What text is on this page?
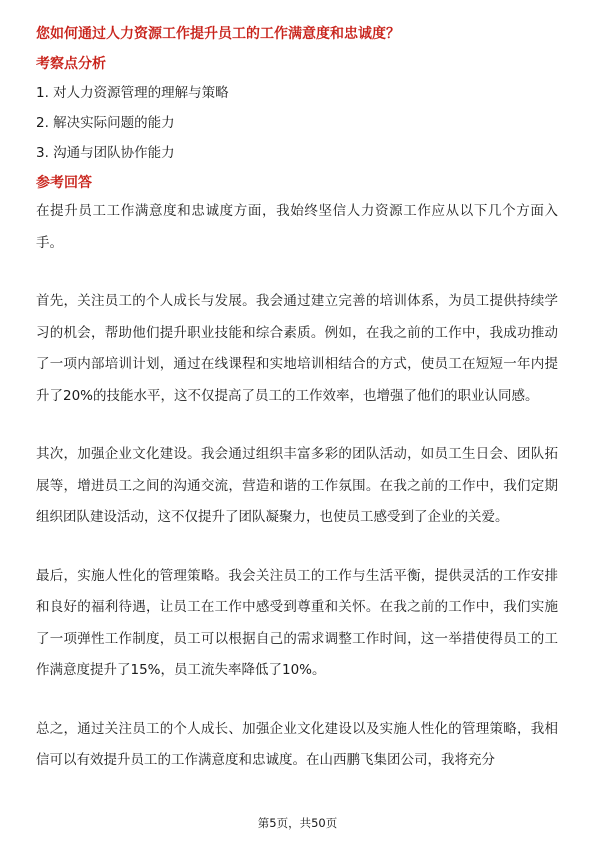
您如何通过人力资源工作提升员工的工作满意度和忠诚度？
考察点分析
1. 对人力资源管理的理解与策略
2. 解决实际问题的能力
3. 沟通与团队协作能力
参考回答

在提升员工工作满意度和忠诚度方面，我始终坚信人力资源工作应从以下几个方面入手。

首先，关注员工的个人成长与发展。我会通过建立完善的培训体系，为员工提供持续学习的机会，帮助他们提升职业技能和综合素质。例如，在我之前的工作中，我成功推动了一项内部培训计划，通过在线课程和实地培训相结合的方式，使员工在短短一年内提升了20%的技能水平，这不仅提高了员工的工作效率，也增强了他们的职业认同感。

其次，加强企业文化建设。我会通过组织丰富多彩的团队活动，如员工生日会、团队拓展等，增进员工之间的沟通交流，营造和谐的工作氛围。在我之前的工作中，我们定期组织团队建设活动，这不仅提升了团队凝聚力，也使员工感受到了企业的关爱。

最后，实施人性化的管理策略。我会关注员工的工作与生活平衡，提供灵活的工作安排和良好的福利待遇，让员工在工作中感受到尊重和关怀。在我之前的工作中，我们实施了一项弹性工作制度，员工可以根据自己的需求调整工作时间，这一举措使得员工的工作满意度提升了15%，员工流失率降低了10%。

总之，通过关注员工的个人成长、加强企业文化建设以及实施人性化的管理策略，我相信可以有效提升员工的工作满意度和忠诚度。在山西鹏飞集团公司，我将充分

第5页，共50页
